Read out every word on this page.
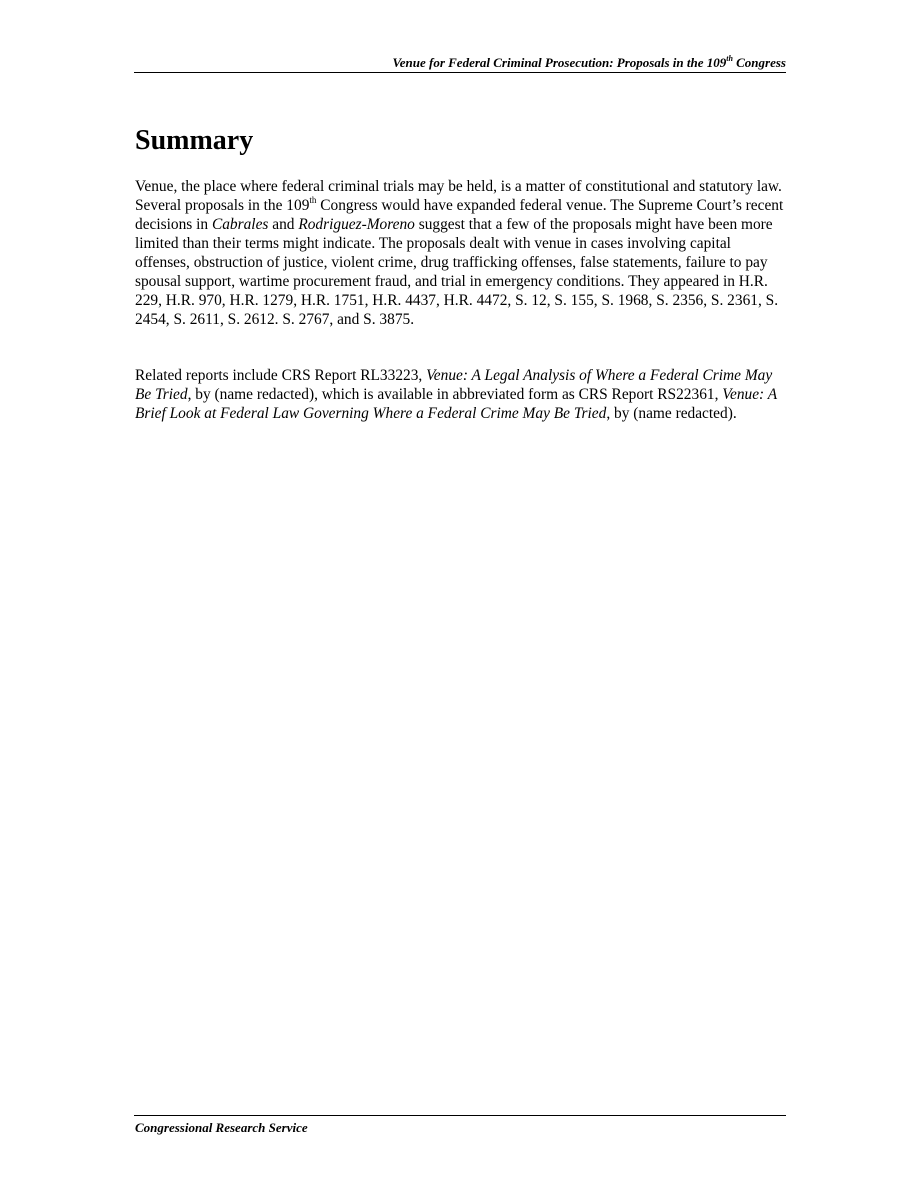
Venue for Federal Criminal Prosecution: Proposals in the 109th Congress
Summary

Venue, the place where federal criminal trials may be held, is a matter of constitutional and statutory law. Several proposals in the 109th Congress would have expanded federal venue. The Supreme Court’s recent decisions in Cabrales and Rodriguez-Moreno suggest that a few of the proposals might have been more limited than their terms might indicate. The proposals dealt with venue in cases involving capital offenses, obstruction of justice, violent crime, drug trafficking offenses, false statements, failure to pay spousal support, wartime procurement fraud, and trial in emergency conditions. They appeared in H.R. 229, H.R. 970, H.R. 1279, H.R. 1751, H.R. 4437, H.R. 4472, S. 12, S. 155, S. 1968, S. 2356, S. 2361, S. 2454, S. 2611, S. 2612. S. 2767, and S. 3875.

Related reports include CRS Report RL33223, Venue: A Legal Analysis of Where a Federal Crime May Be Tried, by (name redacted), which is available in abbreviated form as CRS Report RS22361, Venue: A Brief Look at Federal Law Governing Where a Federal Crime May Be Tried, by (name redacted).

Congressional Research Service
